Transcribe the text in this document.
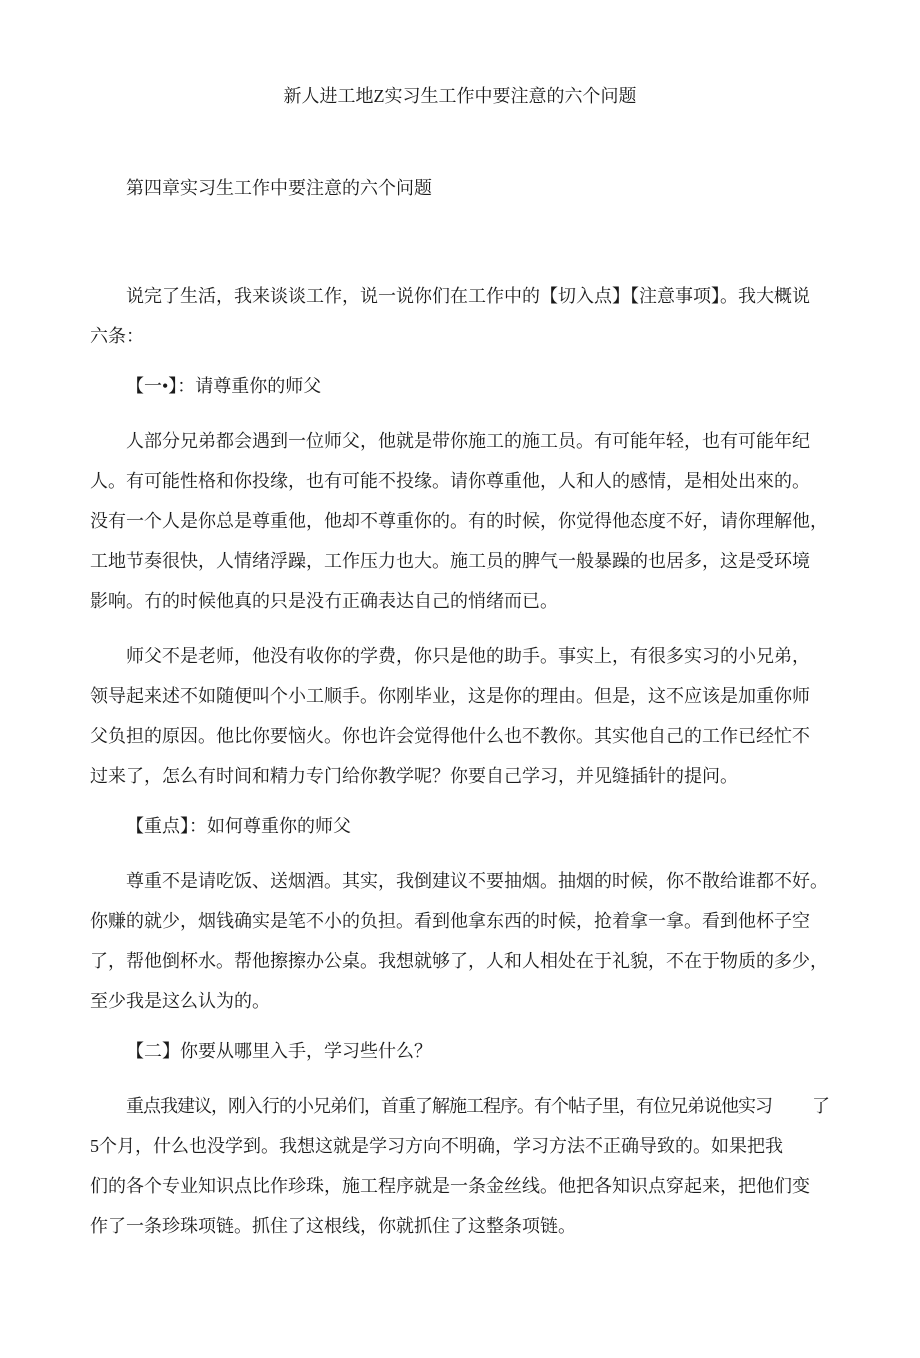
新人进工地Z实习生工作中要注意的六个问题
第四章实习生工作中要注意的六个问题
说完了生活，我来谈谈工作，说一说你们在工作中的【切入点】【注意事项】。我大概说
六条：
【一•】：请尊重你的师父
人部分兄弟都会遇到一位师父，他就是带你施工的施工员。有可能年轻，也有可能年纪
人。有可能性格和你投缘，也有可能不投缘。请你尊重他，人和人的感情，是相处出來的。
没有一个人是你总是尊重他，他却不尊重你的。有的时候，你觉得他态度不好，请你理解他，
工地节奏很快，人情绪浮躁，工作压力也大。施工员的脾气一般暴躁的也居多，这是受环境
影响。冇的时候他真的只是没冇正确表达自己的悄绪而已。
师父不是老师，他没有收你的学费，你只是他的助手。事实上，有很多实习的小兄弟，
领导起来述不如随便叫个小工顺手。你刚毕业，这是你的理由。但是，这不应该是加重你师
父负担的原因。他比你要恼火。你也许会觉得他什么也不教你。其实他自己的工作已经忙不
过来了，怎么有时间和精力专门给你教学呢？你要自己学习，并见缝插针的提问。
【重点】：如何尊重你的师父
尊重不是请吃饭、送烟酒。其实，我倒建议不要抽烟。抽烟的时候，你不散给谁都不好。
你赚的就少，烟钱确实是笔不小的负担。看到他拿东西的时候，抢着拿一拿。看到他杯子空
了，帮他倒杯水。帮他擦擦办公桌。我想就够了，人和人相处在于礼貌，不在于物质的多少，
至少我是这么认为的。
【二】你要从哪里入手，学习些什么？
重点我建议，刚入行的小兄弟们，首重了解施工程序。有个帖子里，有位兄弟说他实习 了
5个月，什么也没学到。我想这就是学习方向不明确，学习方法不正确导致的。如果把我
们的各个专业知识点比作珍珠，施工程序就是一条金丝线。他把各知识点穿起来，把他们变
作了一条珍珠项链。抓住了这根线，你就抓住了这整条项链。
